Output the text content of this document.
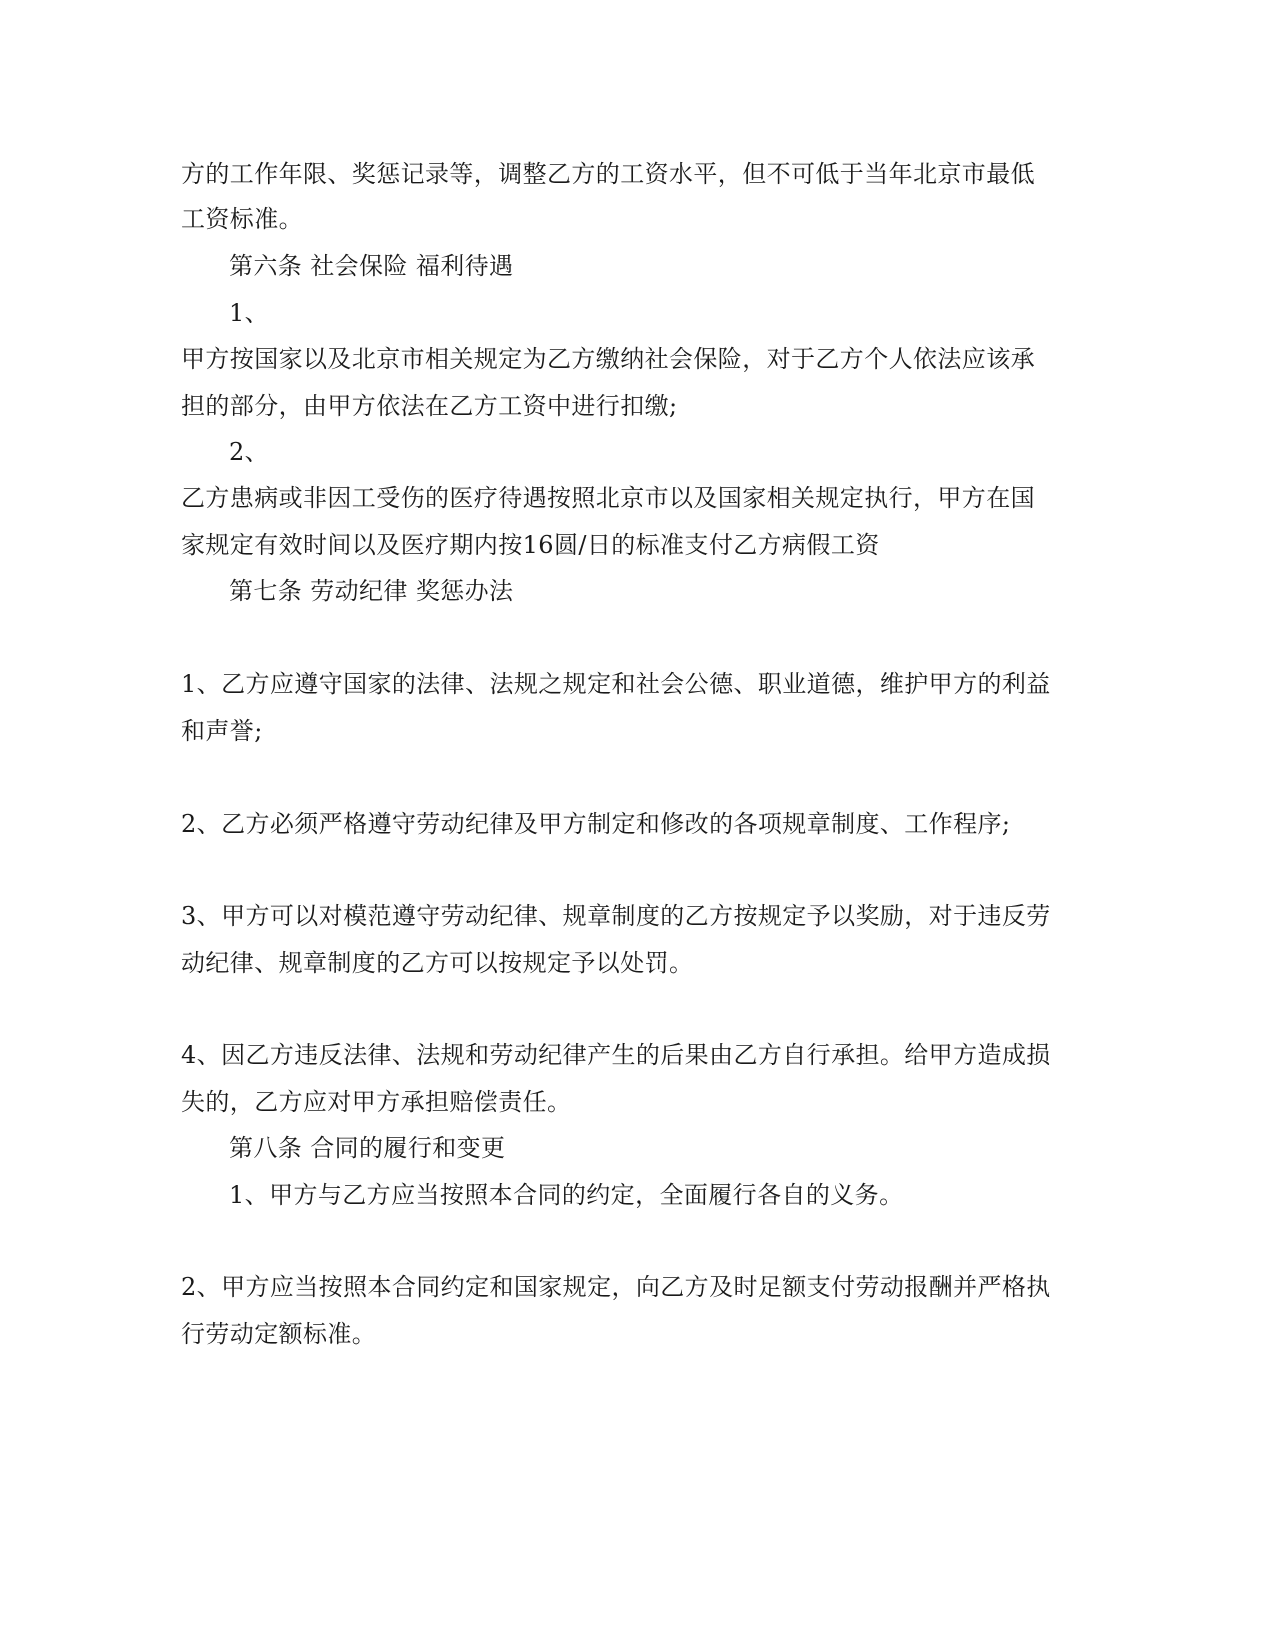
方的工作年限、奖惩记录等，调整乙方的工资水平，但不可低于当年北京市最低
工资标准。
第六条 社会保险 福利待遇
1、
甲方按国家以及北京市相关规定为乙方缴纳社会保险，对于乙方个人依法应该承
担的部分，由甲方依法在乙方工资中进行扣缴;
2、
乙方患病或非因工受伤的医疗待遇按照北京市以及国家相关规定执行，甲方在国
家规定有效时间以及医疗期内按16圆/日的标准支付乙方病假工资
第七条 劳动纪律 奖惩办法
1、乙方应遵守国家的法律、法规之规定和社会公德、职业道德，维护甲方的利益
和声誉;
2、乙方必须严格遵守劳动纪律及甲方制定和修改的各项规章制度、工作程序;
3、甲方可以对模范遵守劳动纪律、规章制度的乙方按规定予以奖励，对于违反劳
动纪律、规章制度的乙方可以按规定予以处罚。
4、因乙方违反法律、法规和劳动纪律产生的后果由乙方自行承担。给甲方造成损
失的，乙方应对甲方承担赔偿责任。
第八条 合同的履行和变更
1、甲方与乙方应当按照本合同的约定，全面履行各自的义务。
2、甲方应当按照本合同约定和国家规定，向乙方及时足额支付劳动报酬并严格执
行劳动定额标准。
